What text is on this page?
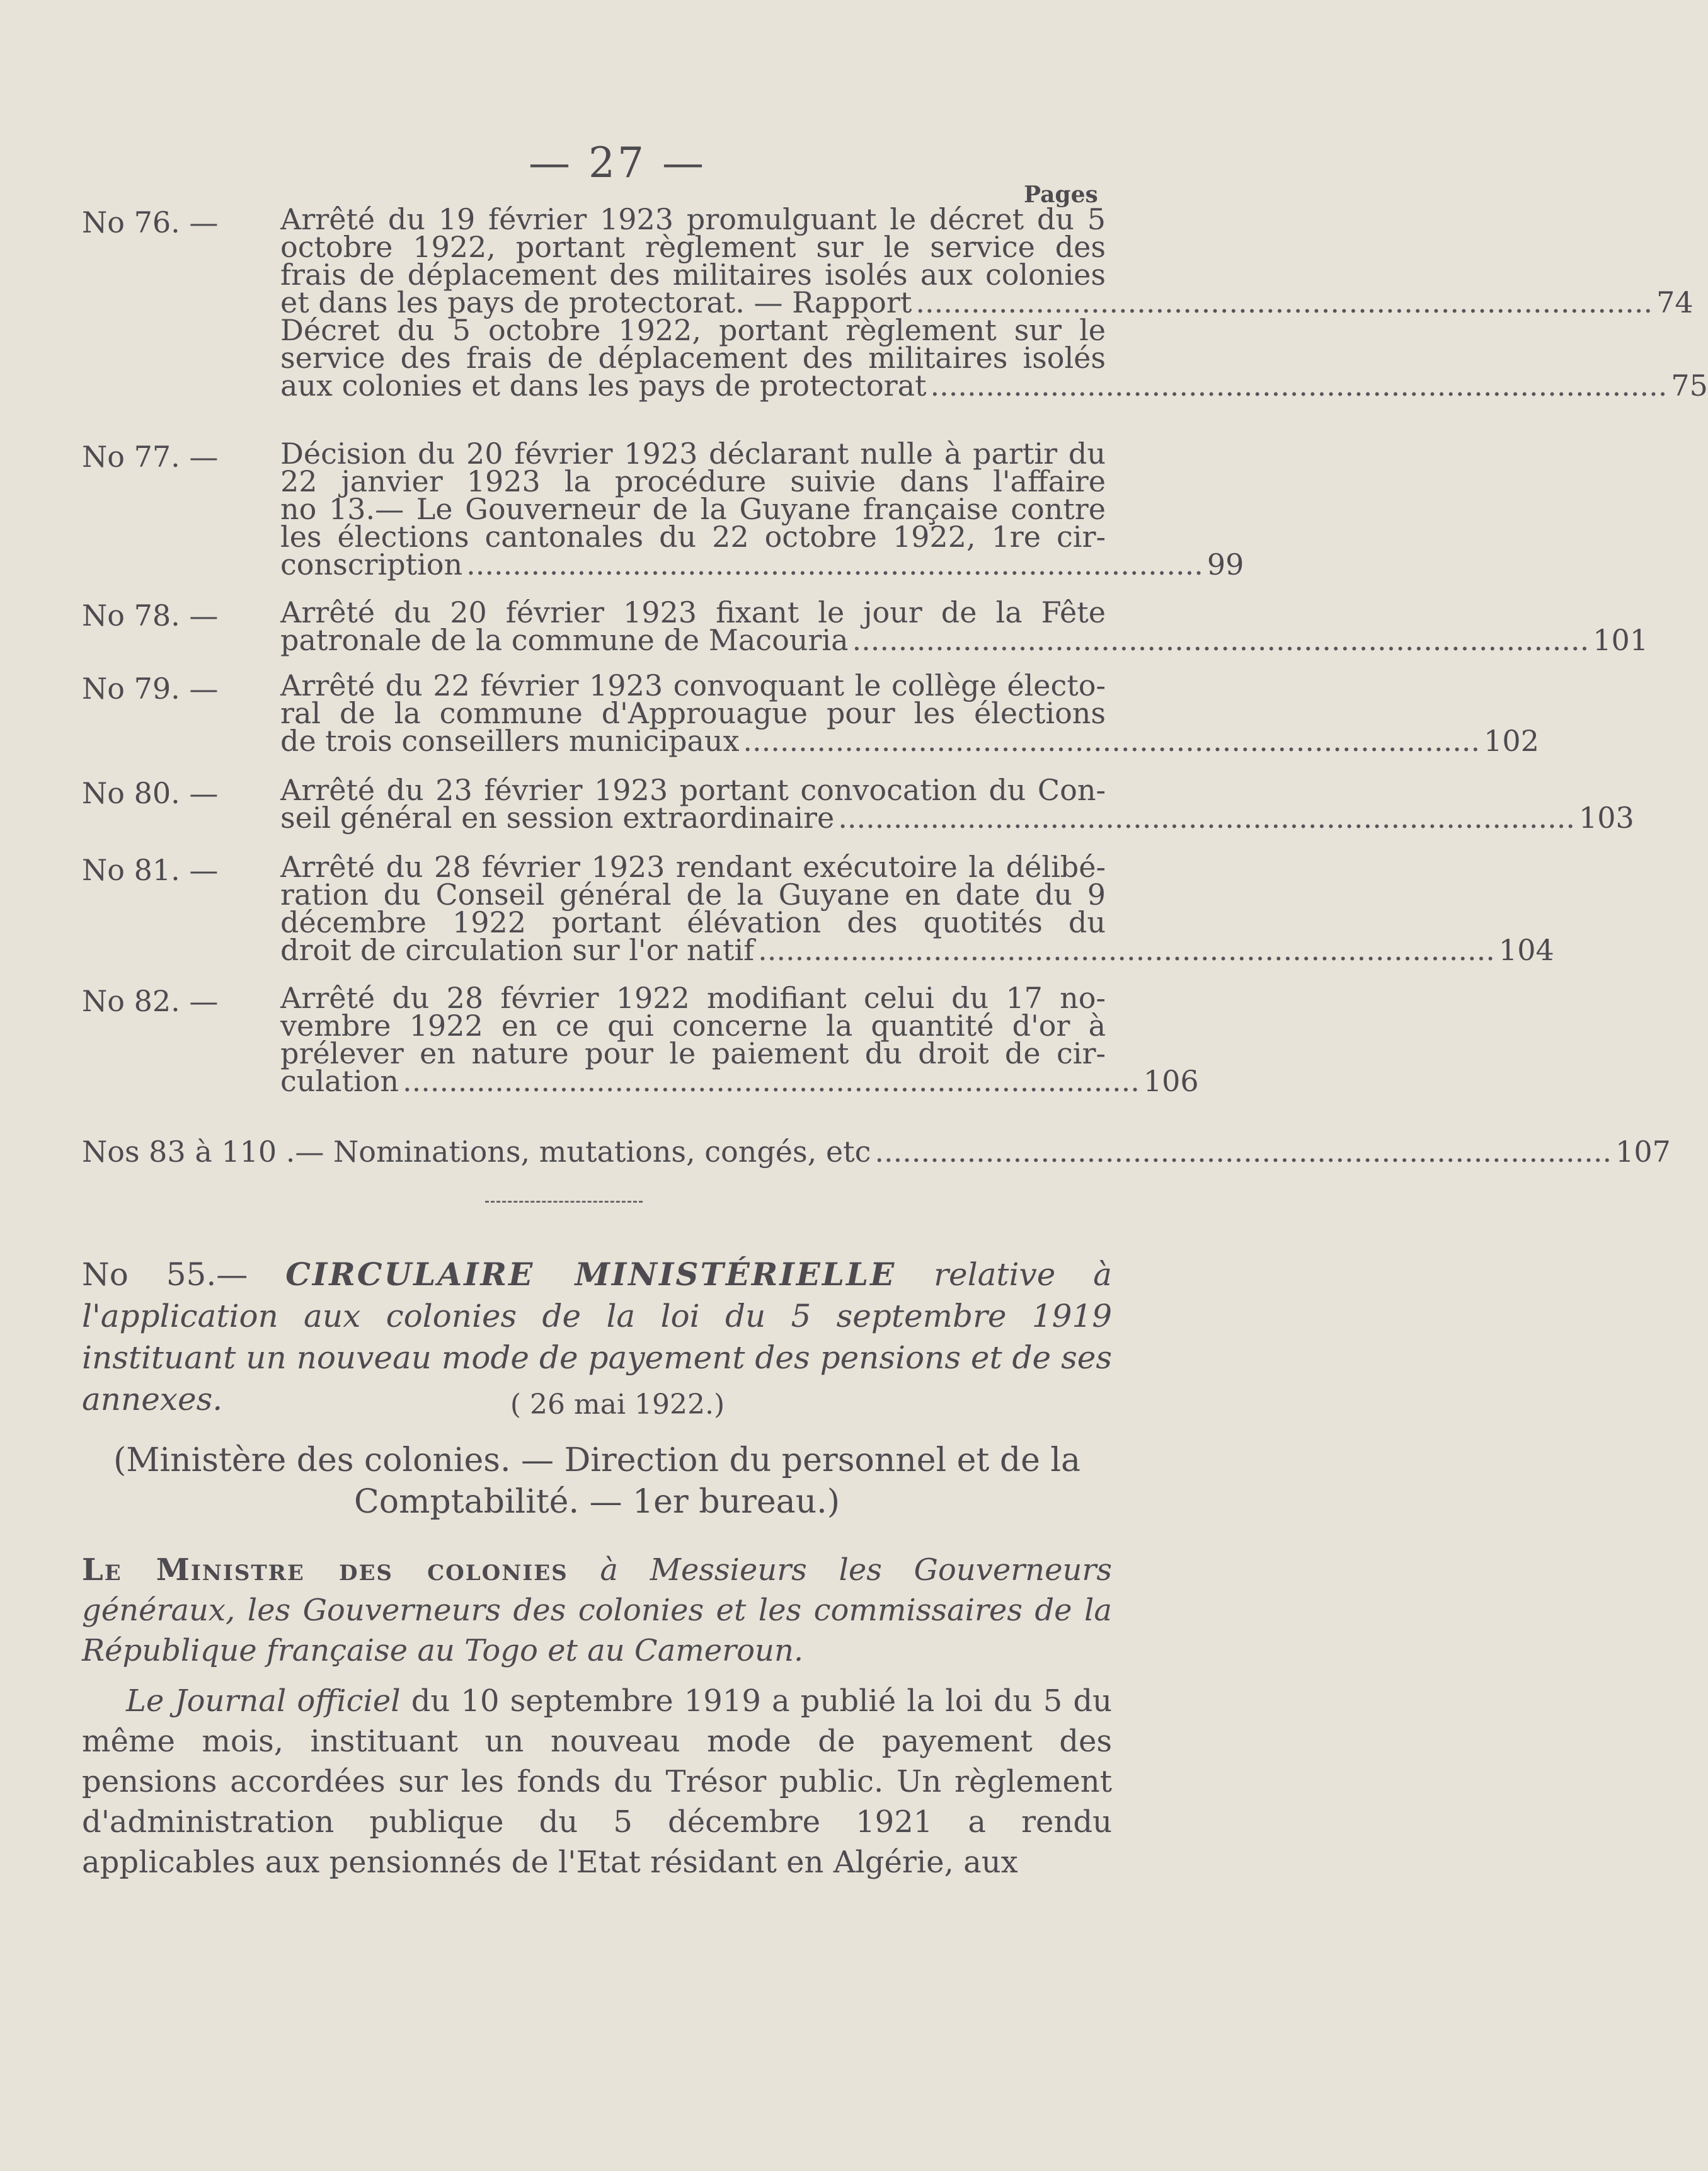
— 27 —
Pages
No 76. — Arrêté du 19 février 1923 promulguant le décret du 5
octobre 1922, portant règlement sur le service des
frais de déplacement des militaires isolés aux colonies
et dans les pays de protectorat. — Rapport ................................................................................ 74
Décret du 5 octobre 1922, portant règlement sur le
service des frais de déplacement des militaires isolés
aux colonies et dans les pays de protectorat ................................................................................ 75
No 77. — Décision du 20 février 1923 déclarant nulle à partir du
22 janvier 1923 la procédure suivie dans l'affaire
no 13.— Le Gouverneur de la Guyane française contre
les élections cantonales du 22 octobre 1922, 1re cir-
conscription ................................................................................ 99
No 78. — Arrêté du 20 février 1923 fixant le jour de la Fête
patronale de la commune de Macouria ................................................................................ 101
No 79. — Arrêté du 22 février 1923 convoquant le collège électo-
ral de la commune d'Approuague pour les élections
de trois conseillers municipaux ................................................................................ 102
No 80. — Arrêté du 23 février 1923 portant convocation du Con-
seil général en session extraordinaire ................................................................................ 103
No 81. — Arrêté du 28 février 1923 rendant exécutoire la délibé-
ration du Conseil général de la Guyane en date du 9
décembre 1922 portant élévation des quotités du
droit de circulation sur l'or natif ................................................................................ 104
No 82. — Arrêté du 28 février 1922 modifiant celui du 17 no-
vembre 1922 en ce qui concerne la quantité d'or à
prélever en nature pour le paiement du droit de cir-
culation ................................................................................ 106
Nos 83 à 110 .— Nominations, mutations, congés, etc ................................................................................ 107
No 55.— CIRCULAIRE MINISTÉRIELLE relative à l'application aux colonies de la loi du 5 septembre 1919 instituant un nouveau mode de payement des pensions et de ses annexes.	( 26 mai 1922.)
(Ministère des colonies. — Direction du personnel et de la Comptabilité. — 1er bureau.)
Le Ministre des colonies à Messieurs les Gouverneurs généraux, les Gouverneurs des colonies et les commissaires de la République française au Togo et au Cameroun.
Le Journal officiel du 10 septembre 1919 a publié la loi du 5 du même mois, instituant un nouveau mode de payement des pensions accordées sur les fonds du Trésor public. Un règlement d'administration publique du 5 décembre 1921 a rendu applicables aux pensionnés de l'Etat résidant en Algérie, aux
